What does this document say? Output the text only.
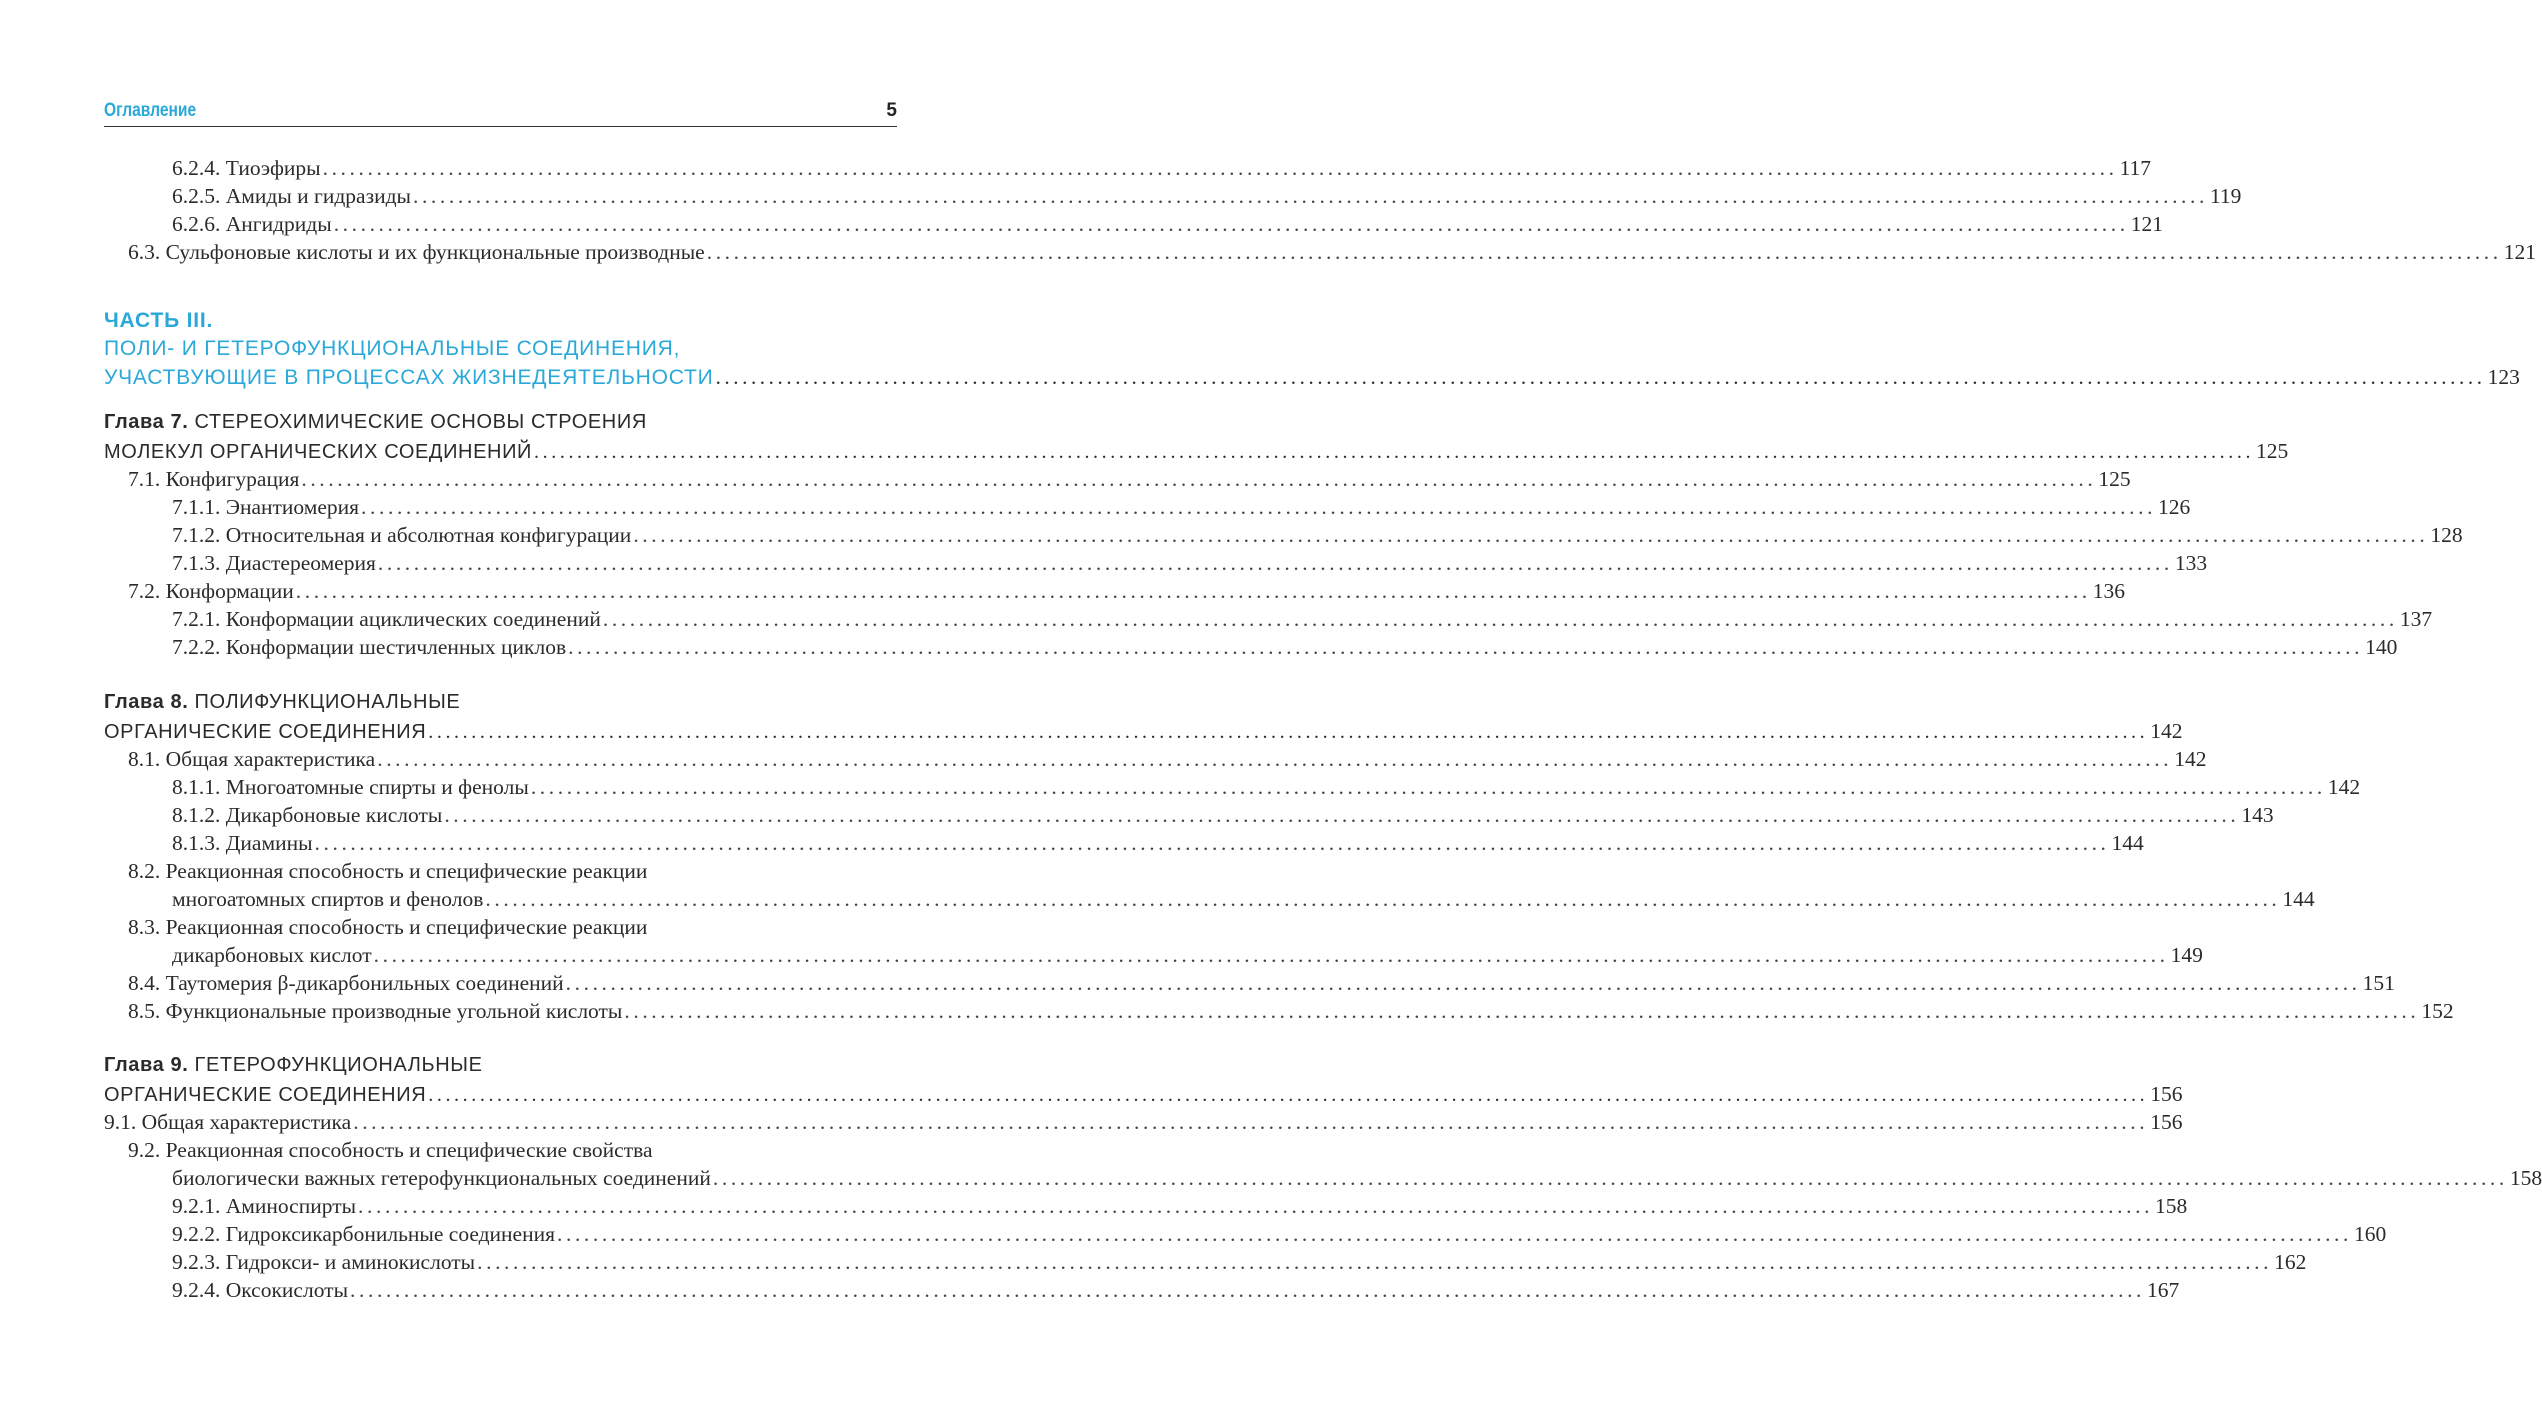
Оглавление	5
6.2.4. Тиоэфиры ........................................................................................................................................................................................................ 117
6.2.5. Амиды и гидразиды ........................................................................................................................................................................................................ 119
6.2.6. Ангидриды ........................................................................................................................................................................................................ 121
6.3. Сульфоновые кислоты и их функциональные производные ........................................................................................................................................................................................................ 121
ЧАСТЬ III.
ПОЛИ- И ГЕТЕРОФУНКЦИОНАЛЬНЫЕ СОЕДИНЕНИЯ,
УЧАСТВУЮЩИЕ В ПРОЦЕССАХ ЖИЗНЕДЕЯТЕЛЬНОСТИ ........................................................................................................................................................................................................ 123
Глава 7. СТЕРЕОХИМИЧЕСКИЕ ОСНОВЫ СТРОЕНИЯ
МОЛЕКУЛ ОРГАНИЧЕСКИХ СОЕДИНЕНИЙ ........................................................................................................................................................................................................ 125
7.1. Конфигурация ........................................................................................................................................................................................................ 125
7.1.1. Энантиомерия ........................................................................................................................................................................................................ 126
7.1.2. Относительная и абсолютная конфигурации ........................................................................................................................................................................................................ 128
7.1.3. Диастереомерия ........................................................................................................................................................................................................ 133
7.2. Конформации ........................................................................................................................................................................................................ 136
7.2.1. Конформации ациклических соединений ........................................................................................................................................................................................................ 137
7.2.2. Конформации шестичленных циклов ........................................................................................................................................................................................................ 140
Глава 8. ПОЛИФУНКЦИОНАЛЬНЫЕ
ОРГАНИЧЕСКИЕ СОЕДИНЕНИЯ ........................................................................................................................................................................................................ 142
8.1. Общая характеристика ........................................................................................................................................................................................................ 142
8.1.1. Многоатомные спирты и фенолы ........................................................................................................................................................................................................ 142
8.1.2. Дикарбоновые кислоты ........................................................................................................................................................................................................ 143
8.1.3. Диамины ........................................................................................................................................................................................................ 144
8.2. Реакционная способность и специфические реакции
многоатомных спиртов и фенолов ........................................................................................................................................................................................................ 144
8.3. Реакционная способность и специфические реакции
дикарбоновых кислот ........................................................................................................................................................................................................ 149
8.4. Таутомерия β-дикарбонильных соединений ........................................................................................................................................................................................................ 151
8.5. Функциональные производные угольной кислоты ........................................................................................................................................................................................................ 152
Глава 9. ГЕТЕРОФУНКЦИОНАЛЬНЫЕ
ОРГАНИЧЕСКИЕ СОЕДИНЕНИЯ ........................................................................................................................................................................................................ 156
9.1. Общая характеристика ........................................................................................................................................................................................................ 156
9.2. Реакционная способность и специфические свойства
биологически важных гетерофункциональных соединений ........................................................................................................................................................................................................ 158
9.2.1. Аминоспирты ........................................................................................................................................................................................................ 158
9.2.2. Гидроксикарбонильные соединения ........................................................................................................................................................................................................ 160
9.2.3. Гидрокси- и аминокислоты ........................................................................................................................................................................................................ 162
9.2.4. Оксокислоты ........................................................................................................................................................................................................ 167
